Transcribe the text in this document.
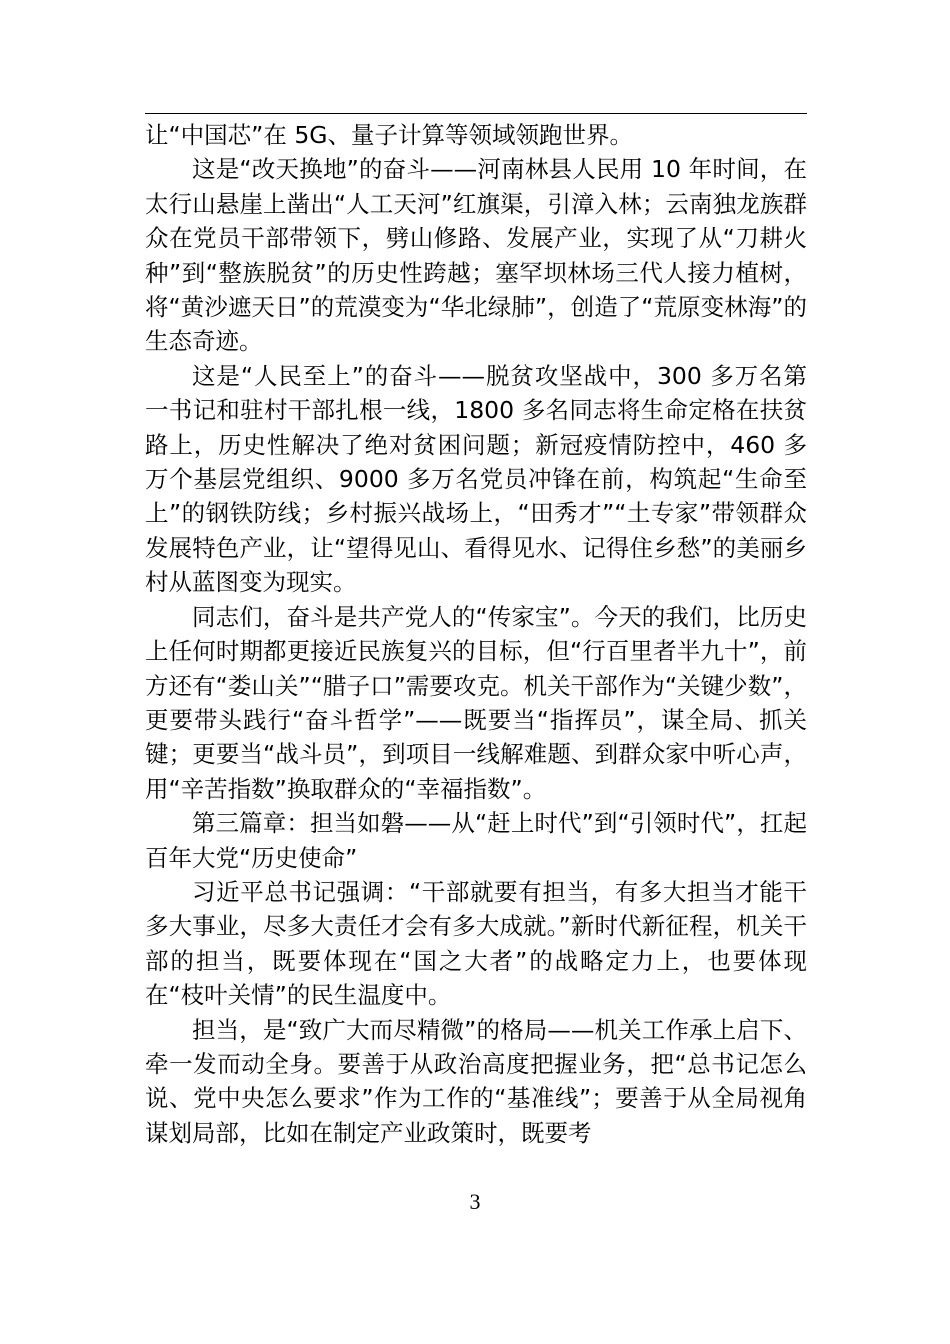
让“中国芯”在 5G、量子计算等领域领跑世界。

这是“改天换地”的奋斗——河南林县人民用 10 年时间，在太行山悬崖上凿出“人工天河”红旗渠，引漳入林；云南独龙族群众在党员干部带领下，劈山修路、发展产业，实现了从“刀耕火种”到“整族脱贫”的历史性跨越；塞罕坝林场三代人接力植树，将“黄沙遮天日”的荒漠变为“华北绿肺”，创造了“荒原变林海”的生态奇迹。

这是“人民至上”的奋斗——脱贫攻坚战中，300 多万名第一书记和驻村干部扎根一线，1800 多名同志将生命定格在扶贫路上，历史性解决了绝对贫困问题；新冠疫情防控中，460 多万个基层党组织、9000 多万名党员冲锋在前，构筑起“生命至上”的钢铁防线；乡村振兴战场上，“田秀才”“土专家”带领群众发展特色产业，让“望得见山、看得见水、记得住乡愁”的美丽乡村从蓝图变为现实。

同志们，奋斗是共产党人的“传家宝”。今天的我们，比历史上任何时期都更接近民族复兴的目标，但“行百里者半九十”，前方还有“娄山关”“腊子口”需要攻克。机关干部作为“关键少数”，更要带头践行“奋斗哲学”——既要当“指挥员”，谋全局、抓关键；更要当“战斗员”，到项目一线解难题、到群众家中听心声，用“辛苦指数”换取群众的“幸福指数”。

第三篇章：担当如磐——从“赶上时代”到“引领时代”，扛起百年大党“历史使命”

习近平总书记强调：“干部就要有担当，有多大担当才能干多大事业，尽多大责任才会有多大成就。”新时代新征程，机关干部的担当，既要体现在“国之大者”的战略定力上，也要体现在“枝叶关情”的民生温度中。

担当，是“致广大而尽精微”的格局——机关工作承上启下、牵一发而动全身。要善于从政治高度把握业务，把“总书记怎么说、党中央怎么要求”作为工作的“基准线”；要善于从全局视角谋划局部，比如在制定产业政策时，既要考

3
